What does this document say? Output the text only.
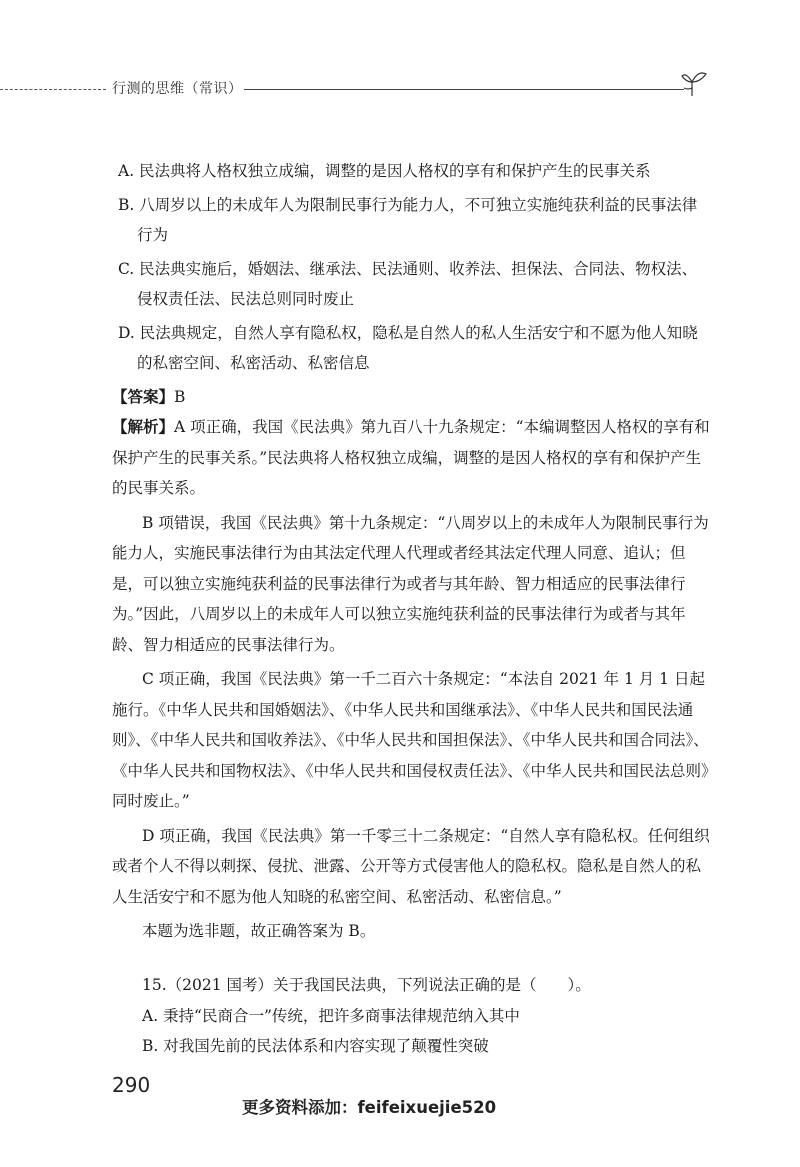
行测的思维（常识）

A. 民法典将人格权独立成编，调整的是因人格权的享有和保护产生的民事关系

B. 八周岁以上的未成年人为限制民事行为能力人，不可独立实施纯获利益的民事法律行为

C. 民法典实施后，婚姻法、继承法、民法通则、收养法、担保法、合同法、物权法、侵权责任法、民法总则同时废止

D. 民法典规定，自然人享有隐私权，隐私是自然人的私人生活安宁和不愿为他人知晓的私密空间、私密活动、私密信息

【答案】B

【解析】A 项正确，我国《民法典》第九百八十九条规定：“本编调整因人格权的享有和保护产生的民事关系。”民法典将人格权独立成编，调整的是因人格权的享有和保护产生的民事关系。

B 项错误，我国《民法典》第十九条规定：“八周岁以上的未成年人为限制民事行为能力人，实施民事法律行为由其法定代理人代理或者经其法定代理人同意、追认；但是，可以独立实施纯获利益的民事法律行为或者与其年龄、智力相适应的民事法律行为。”因此，八周岁以上的未成年人可以独立实施纯获利益的民事法律行为或者与其年龄、智力相适应的民事法律行为。

C 项正确，我国《民法典》第一千二百六十条规定：“本法自 2021 年 1 月 1 日起施行。《中华人民共和国婚姻法》、《中华人民共和国继承法》、《中华人民共和国民法通则》、《中华人民共和国收养法》、《中华人民共和国担保法》、《中华人民共和国合同法》、《中华人民共和国物权法》、《中华人民共和国侵权责任法》、《中华人民共和国民法总则》同时废止。”

D 项正确，我国《民法典》第一千零三十二条规定：“自然人享有隐私权。任何组织或者个人不得以刺探、侵扰、泄露、公开等方式侵害他人的隐私权。隐私是自然人的私人生活安宁和不愿为他人知晓的私密空间、私密活动、私密信息。”

本题为选非题，故正确答案为 B。

15.（2021 国考）关于我国民法典，下列说法正确的是（　　）。

A. 秉持“民商合一”传统，把许多商事法律规范纳入其中

B. 对我国先前的民法体系和内容实现了颠覆性突破

290
更多资料添加：feifeixuejie520
